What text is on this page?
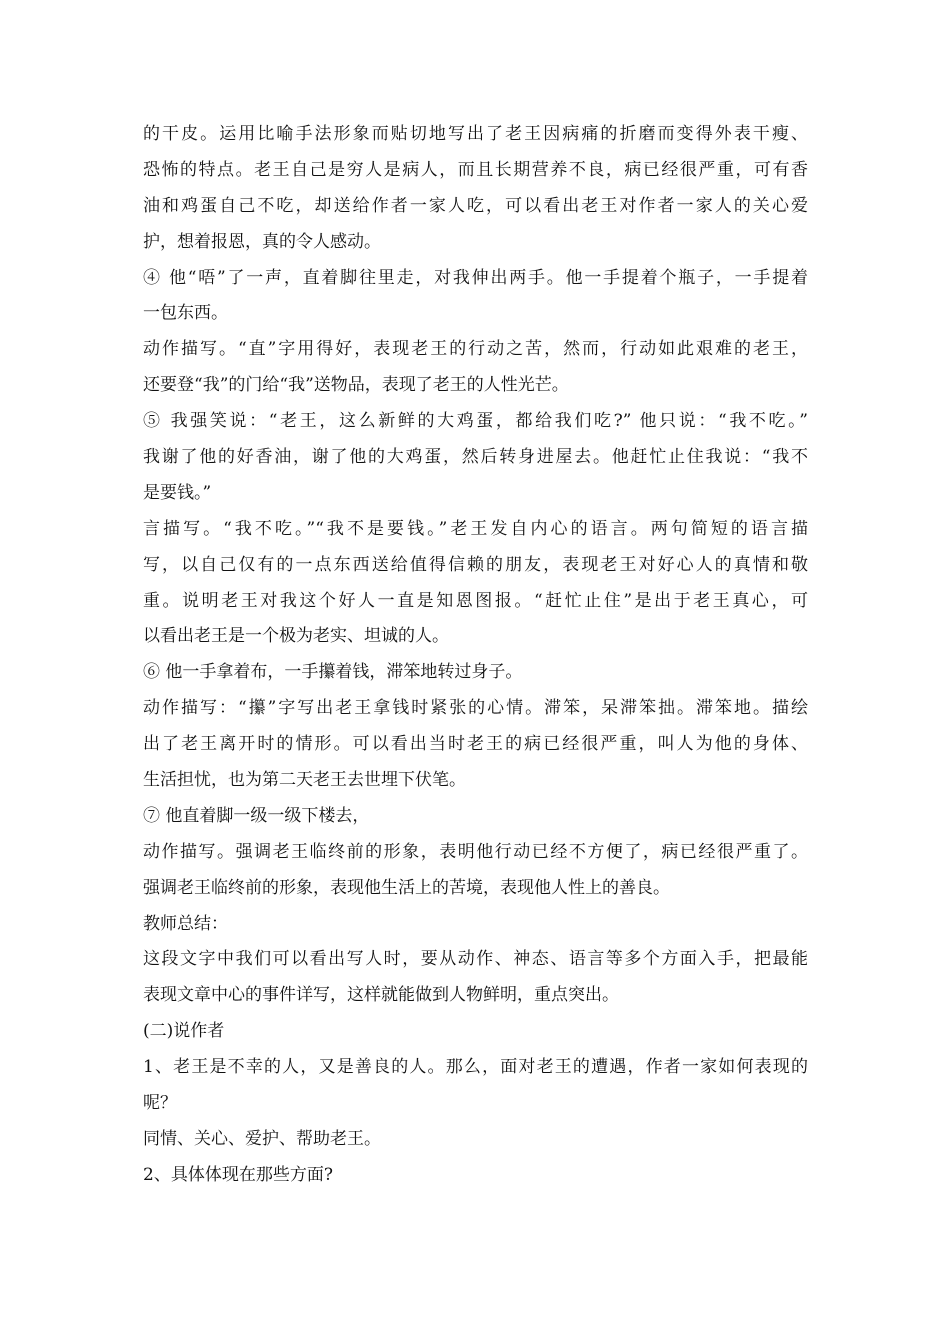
的干皮。运用比喻手法形象而贴切地写出了老王因病痛的折磨而变得外表干瘦、
恐怖的特点。老王自己是穷人是病人，而且长期营养不良，病已经很严重，可有香
油和鸡蛋自己不吃，却送给作者一家人吃，可以看出老王对作者一家人的关心爱
护，想着报恩，真的令人感动。
④ 他“唔”了一声，直着脚往里走，对我伸出两手。他一手提着个瓶子，一手提着
一包东西。
动作描写。“直”字用得好，表现老王的行动之苦，然而，行动如此艰难的老王，
还要登“我”的门给“我”送物品，表现了老王的人性光芒。
⑤ 我强笑说：“老王，这么新鲜的大鸡蛋，都给我们吃?” 他只说：“我不吃。”
我谢了他的好香油，谢了他的大鸡蛋，然后转身进屋去。他赶忙止住我说：“我不
是要钱。”
言描写。“我不吃。”“我不是要钱。”老王发自内心的语言。两句简短的语言描
写，以自己仅有的一点东西送给值得信赖的朋友，表现老王对好心人的真情和敬
重。说明老王对我这个好人一直是知恩图报。“赶忙止住”是出于老王真心，可
以看出老王是一个极为老实、坦诚的人。
⑥ 他一手拿着布，一手攥着钱，滞笨地转过身子。
动作描写：“攥”字写出老王拿钱时紧张的心情。滞笨，呆滞笨拙。滞笨地。描绘
出了老王离开时的情形。可以看出当时老王的病已经很严重，叫人为他的身体、
生活担忧，也为第二天老王去世埋下伏笔。
⑦ 他直着脚一级一级下楼去，
动作描写。强调老王临终前的形象，表明他行动已经不方便了，病已经很严重了。
强调老王临终前的形象，表现他生活上的苦境，表现他人性上的善良。
教师总结：
这段文字中我们可以看出写人时，要从动作、神态、语言等多个方面入手，把最能
表现文章中心的事件详写，这样就能做到人物鲜明，重点突出。
(二)说作者
1、老王是不幸的人，又是善良的人。那么，面对老王的遭遇，作者一家如何表现的
呢？
同情、关心、爱护、帮助老王。
2、具体体现在那些方面?
